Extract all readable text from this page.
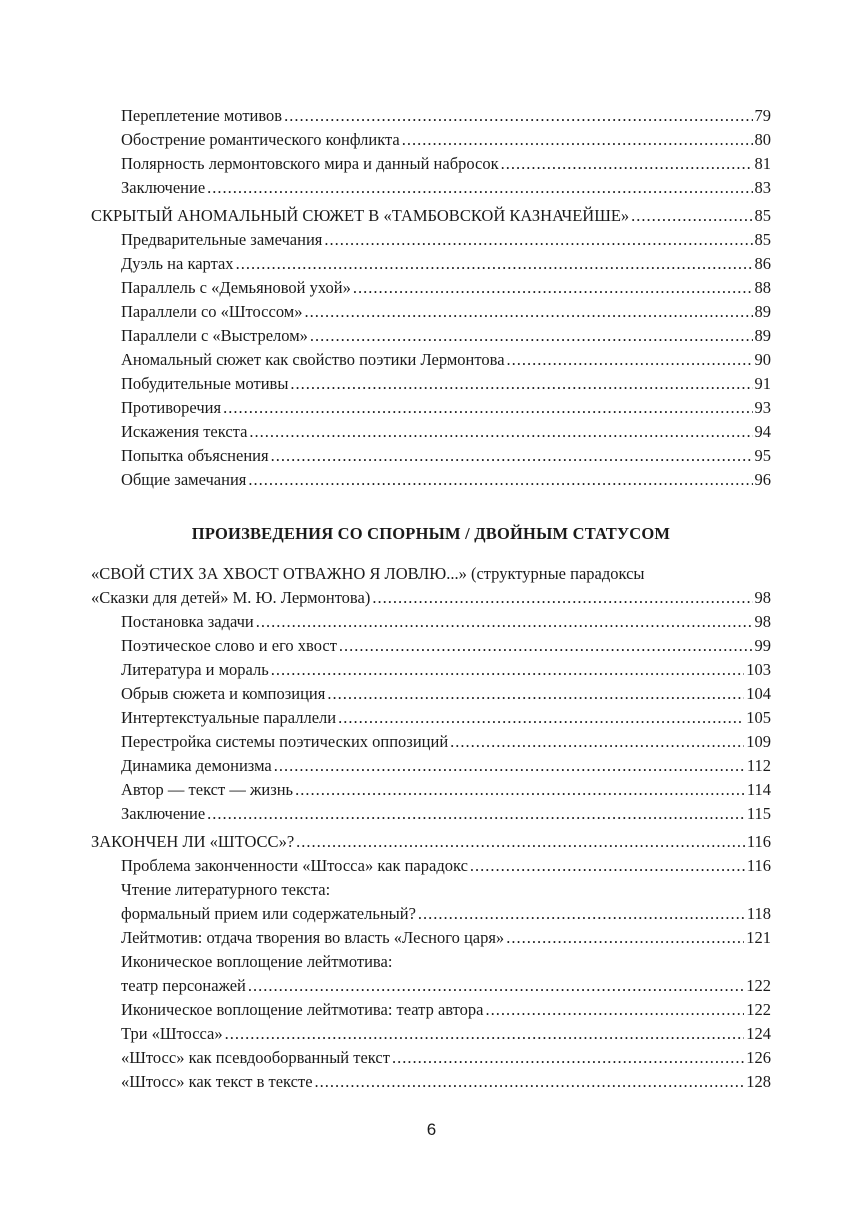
Переплетение мотивов .....	79
Обострение романтического конфликта .....	80
Полярность лермонтовского мира и данный набросок .....	81
Заключение .....	83
СКРЫТЫЙ АНОМАЛЬНЫЙ СЮЖЕТ В «ТАМБОВСКОЙ КАЗНАЧЕЙШЕ» .....	85
Предварительные замечания .....	85
Дуэль на картах .....	86
Параллель с «Демьяновой ухой» .....	88
Параллели со «Штоссом» .....	89
Параллели с «Выстрелом» .....	89
Аномальный сюжет как свойство поэтики Лермонтова .....	90
Побудительные мотивы .....	91
Противоречия .....	93
Искажения текста .....	94
Попытка объяснения .....	95
Общие замечания .....	96
ПРОИЗВЕДЕНИЯ СО СПОРНЫМ / ДВОЙНЫМ СТАТУСОМ
«СВОЙ СТИХ ЗА ХВОСТ ОТВАЖНО Я ЛОВЛЮ...» (структурные парадоксы
«Сказки для детей» М. Ю. Лермонтова) .....	98
Постановка задачи .....	98
Поэтическое слово и его хвост .....	99
Литература и мораль .....	103
Обрыв сюжета и композиция .....	104
Интертекстуальные параллели .....	105
Перестройка системы поэтических оппозиций .....	109
Динамика демонизма .....	112
Автор — текст — жизнь .....	114
Заключение .....	115
ЗАКОНЧЕН ЛИ «ШТОСС»? .....	116
Проблема законченности «Штосса» как парадокс .....	116
Чтение литературного текста:
формальный прием или содержательный? .....	118
Лейтмотив: отдача творения во власть «Лесного царя» .....	121
Иконическое воплощение лейтмотива:
театр персонажей .....	122
Иконическое воплощение лейтмотива: театр автора .....	122
Три «Штосса» .....	124
«Штосс» как псевдооборванный текст .....	126
«Штосс» как текст в тексте .....	128
6
